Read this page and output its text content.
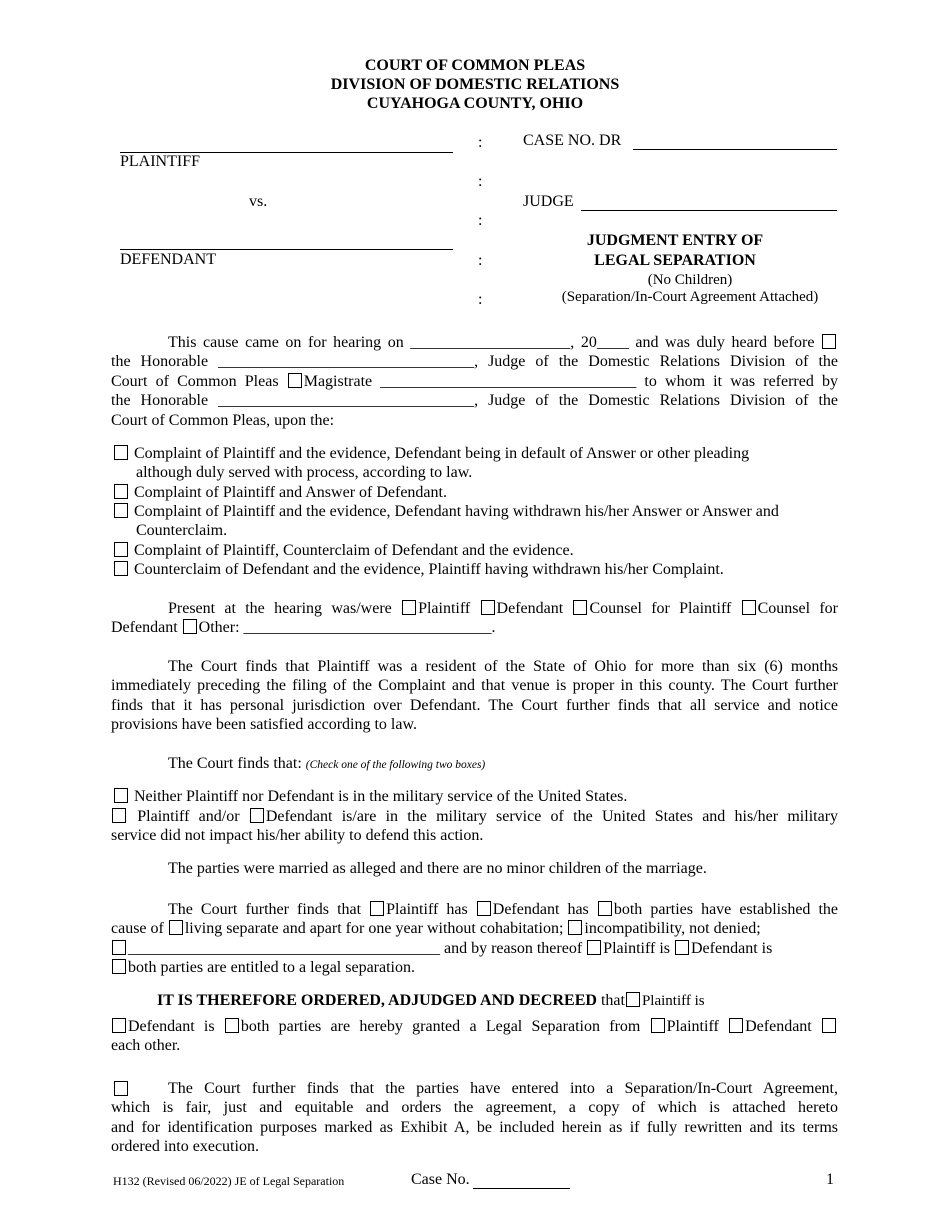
COURT OF COMMON PLEAS
DIVISION OF DOMESTIC RELATIONS
CUYAHOGA COUNTY, OHIO
PLAINTIFF
vs.
DEFENDANT
:
:
:
:
:
CASE NO. DR
JUDGE
JUDGMENT ENTRY OF
LEGAL SEPARATION
(No Children)
(Separation/In-Court Agreement Attached)
This cause came on for hearing on ____________________, 20____ and was duly heard before
the Honorable ________________________________, Judge of the Domestic Relations Division of the
Court of Common Pleas Magistrate ________________________________ to whom it was referred by
the Honorable ________________________________, Judge of the Domestic Relations Division of the
Court of Common Pleas, upon the:
Complaint of Plaintiff and the evidence, Defendant being in default of Answer or other pleading
although duly served with process, according to law.
Complaint of Plaintiff and Answer of Defendant.
Complaint of Plaintiff and the evidence, Defendant having withdrawn his/her Answer or Answer and
Counterclaim.
Complaint of Plaintiff, Counterclaim of Defendant and the evidence.
Counterclaim of Defendant and the evidence, Plaintiff having withdrawn his/her Complaint.
Present at the hearing was/were Plaintiff Defendant Counsel for Plaintiff Counsel for
Defendant Other: _______________________________.
The Court finds that Plaintiff was a resident of the State of Ohio for more than six (6) months
immediately preceding the filing of the Complaint and that venue is proper in this county. The Court further
finds that it has personal jurisdiction over Defendant. The Court further finds that all service and notice
provisions have been satisfied according to law.
The Court finds that: (Check one of the following two boxes)
Neither Plaintiff nor Defendant is in the military service of the United States.
Plaintiff and/or Defendant is/are in the military service of the United States and his/her military
service did not impact his/her ability to defend this action.
The parties were married as alleged and there are no minor children of the marriage.
The Court further finds that Plaintiff has Defendant has both parties have established the
cause of living separate and apart for one year without cohabitation; incompatibility, not denied;
_______________________________________ and by reason thereof Plaintiff is Defendant is
both parties are entitled to a legal separation.
IT IS THEREFORE ORDERED, ADJUDGED AND DECREED that Plaintiff is
Defendant is both parties are hereby granted a Legal Separation from Plaintiff Defendant
each other.
The Court further finds that the parties have entered into a Separation/In-Court Agreement,
which is fair, just and equitable and orders the agreement, a copy of which is attached hereto
and for identification purposes marked as Exhibit A, be included herein as if fully rewritten and its terms
ordered into execution.
H132 (Revised 06/2022) JE of Legal Separation	Case No.	1
